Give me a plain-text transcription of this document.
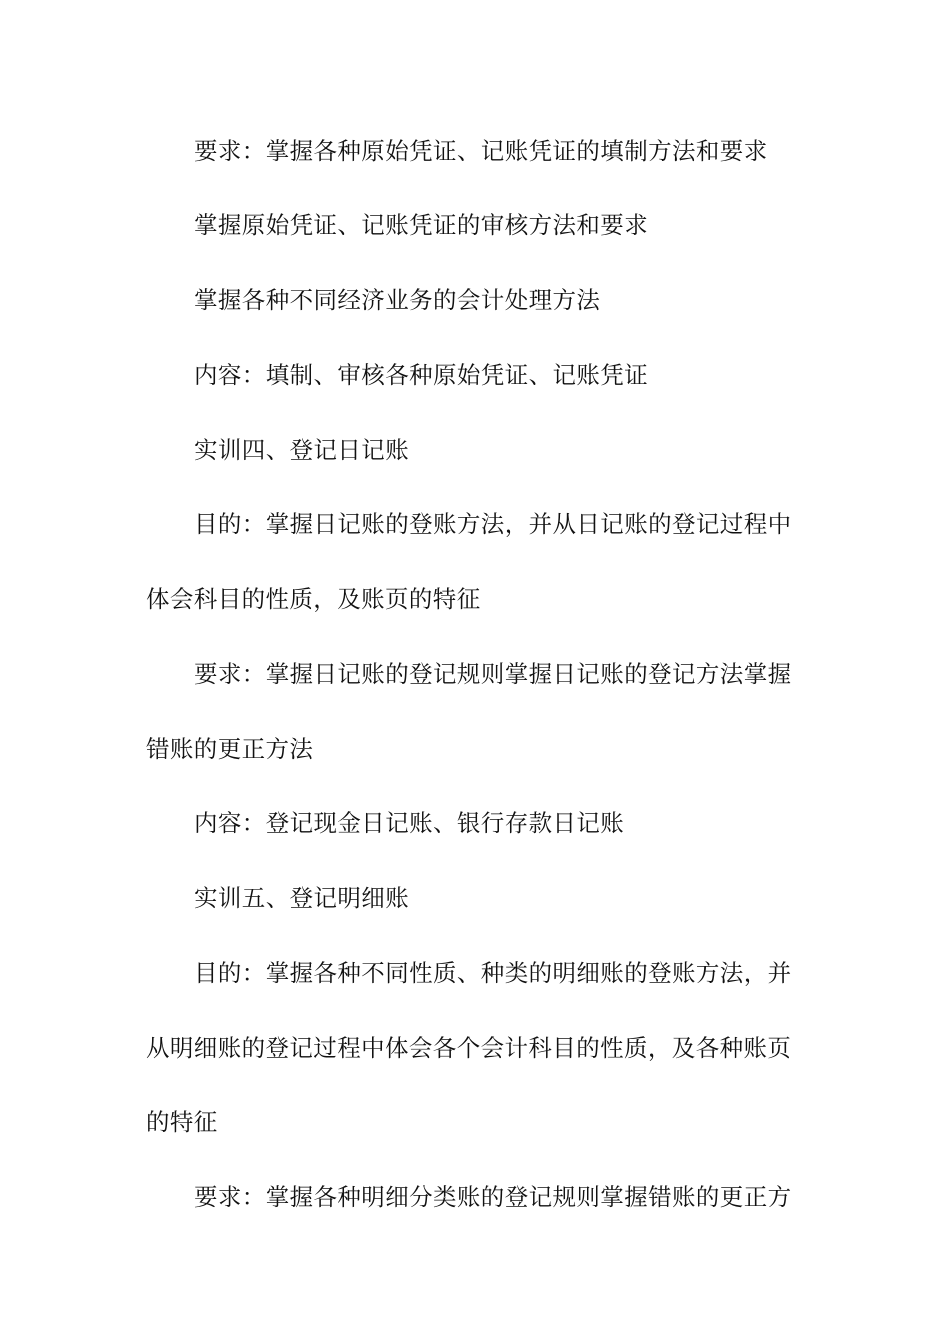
要求：掌握各种原始凭证、记账凭证的填制方法和要求
掌握原始凭证、记账凭证的审核方法和要求
掌握各种不同经济业务的会计处理方法
内容：填制、审核各种原始凭证、记账凭证
实训四、登记日记账
目的：掌握日记账的登账方法，并从日记账的登记过程中
体会科目的性质，及账页的特征
要求：掌握日记账的登记规则掌握日记账的登记方法掌握
错账的更正方法
内容：登记现金日记账、银行存款日记账
实训五、登记明细账
目的：掌握各种不同性质、种类的明细账的登账方法，并
从明细账的登记过程中体会各个会计科目的性质，及各种账页
的特征
要求：掌握各种明细分类账的登记规则掌握错账的更正方
